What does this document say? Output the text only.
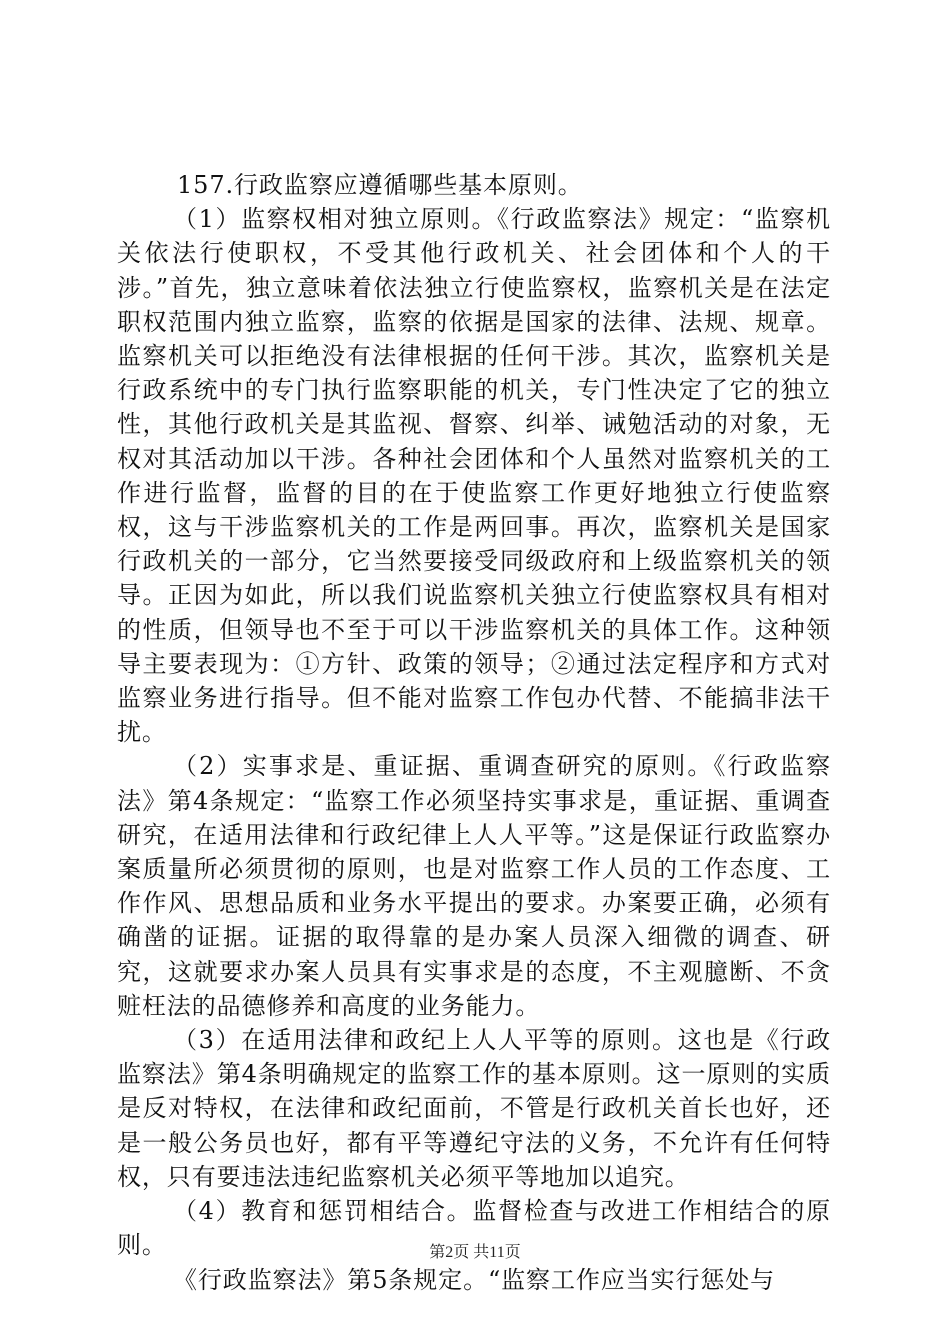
157.行政监察应遵循哪些基本原则。

（1）监察权相对独立原则。《行政监察法》规定：“监察机关依法行使职权，不受其他行政机关、社会团体和个人的干涉。”首先，独立意味着依法独立行使监察权，监察机关是在法定职权范围内独立监察，监察的依据是国家的法律、法规、规章。监察机关可以拒绝没有法律根据的任何干涉。其次，监察机关是行政系统中的专门执行监察职能的机关，专门性决定了它的独立性，其他行政机关是其监视、督察、纠举、诫勉活动的对象，无权对其活动加以干涉。各种社会团体和个人虽然对监察机关的工作进行监督，监督的目的在于使监察工作更好地独立行使监察权，这与干涉监察机关的工作是两回事。再次，监察机关是国家行政机关的一部分，它当然要接受同级政府和上级监察机关的领导。正因为如此，所以我们说监察机关独立行使监察权具有相对的性质，但领导也不至于可以干涉监察机关的具体工作。这种领导主要表现为：①方针、政策的领导；②通过法定程序和方式对监察业务进行指导。但不能对监察工作包办代替、不能搞非法干扰。

（2）实事求是、重证据、重调查研究的原则。《行政监察法》第4条规定：“监察工作必须坚持实事求是，重证据、重调查研究，在适用法律和行政纪律上人人平等。”这是保证行政监察办案质量所必须贯彻的原则，也是对监察工作人员的工作态度、工作作风、思想品质和业务水平提出的要求。办案要正确，必须有确凿的证据。证据的取得靠的是办案人员深入细微的调查、研究，这就要求办案人员具有实事求是的态度，不主观臆断、不贪赃枉法的品德修养和高度的业务能力。

（3）在适用法律和政纪上人人平等的原则。这也是《行政监察法》第4条明确规定的监察工作的基本原则。这一原则的实质是反对特权，在法律和政纪面前，不管是行政机关首长也好，还是一般公务员也好，都有平等遵纪守法的义务，不允许有任何特权，只有要违法违纪监察机关必须平等地加以追究。

（4）教育和惩罚相结合。监督检查与改进工作相结合的原则。

《行政监察法》第5条规定。“监察工作应当实行惩处与

第2页 共11页
